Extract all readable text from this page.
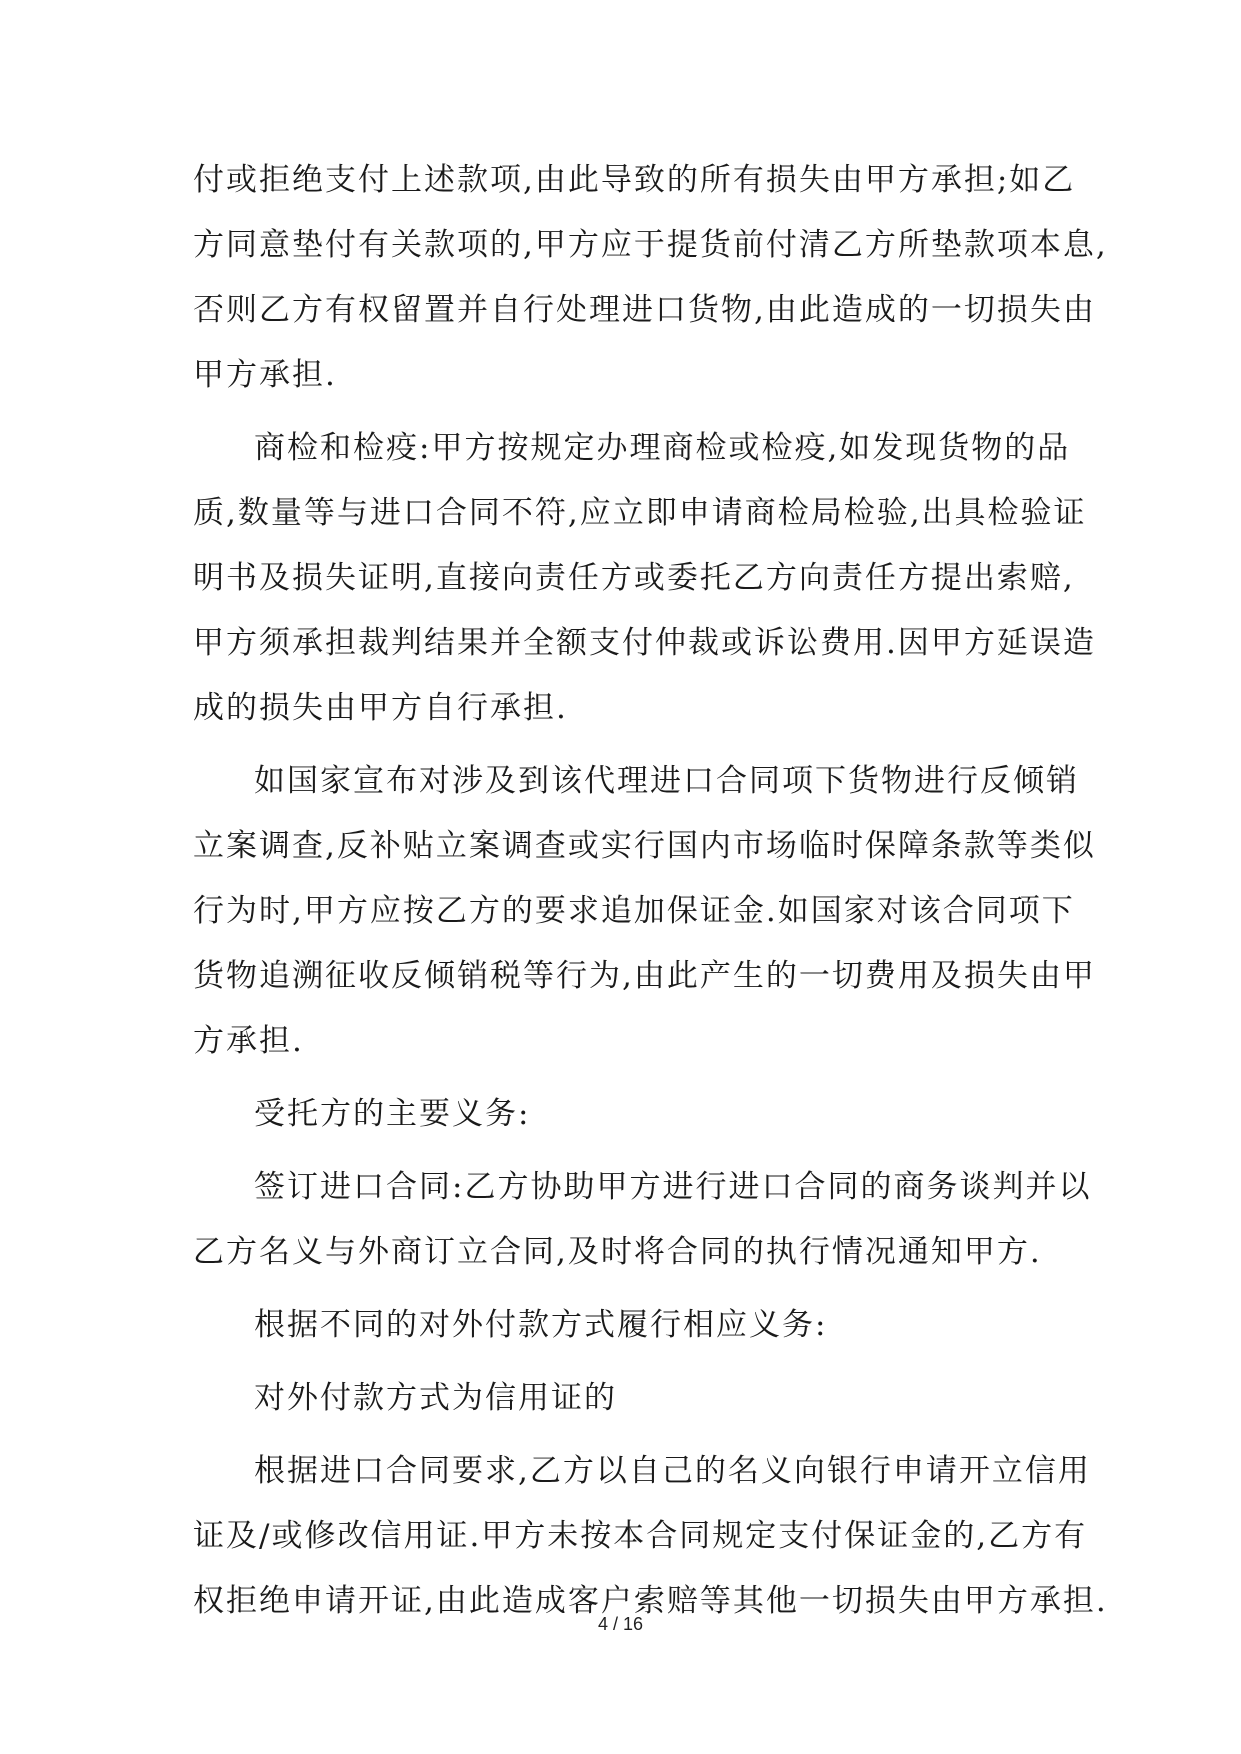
付或拒绝支付上述款项,由此导致的所有损失由甲方承担;如乙
方同意垫付有关款项的,甲方应于提货前付清乙方所垫款项本息,
否则乙方有权留置并自行处理进口货物,由此造成的一切损失由
甲方承担.
商检和检疫:甲方按规定办理商检或检疫,如发现货物的品
质,数量等与进口合同不符,应立即申请商检局检验,出具检验证
明书及损失证明,直接向责任方或委托乙方向责任方提出索赔,
甲方须承担裁判结果并全额支付仲裁或诉讼费用.因甲方延误造
成的损失由甲方自行承担.
如国家宣布对涉及到该代理进口合同项下货物进行反倾销
立案调查,反补贴立案调查或实行国内市场临时保障条款等类似
行为时,甲方应按乙方的要求追加保证金.如国家对该合同项下
货物追溯征收反倾销税等行为,由此产生的一切费用及损失由甲
方承担.
受托方的主要义务:
签订进口合同:乙方协助甲方进行进口合同的商务谈判并以
乙方名义与外商订立合同,及时将合同的执行情况通知甲方.
根据不同的对外付款方式履行相应义务:
对外付款方式为信用证的
根据进口合同要求,乙方以自己的名义向银行申请开立信用
证及/或修改信用证.甲方未按本合同规定支付保证金的,乙方有
权拒绝申请开证,由此造成客户索赔等其他一切损失由甲方承担.
4 / 16
